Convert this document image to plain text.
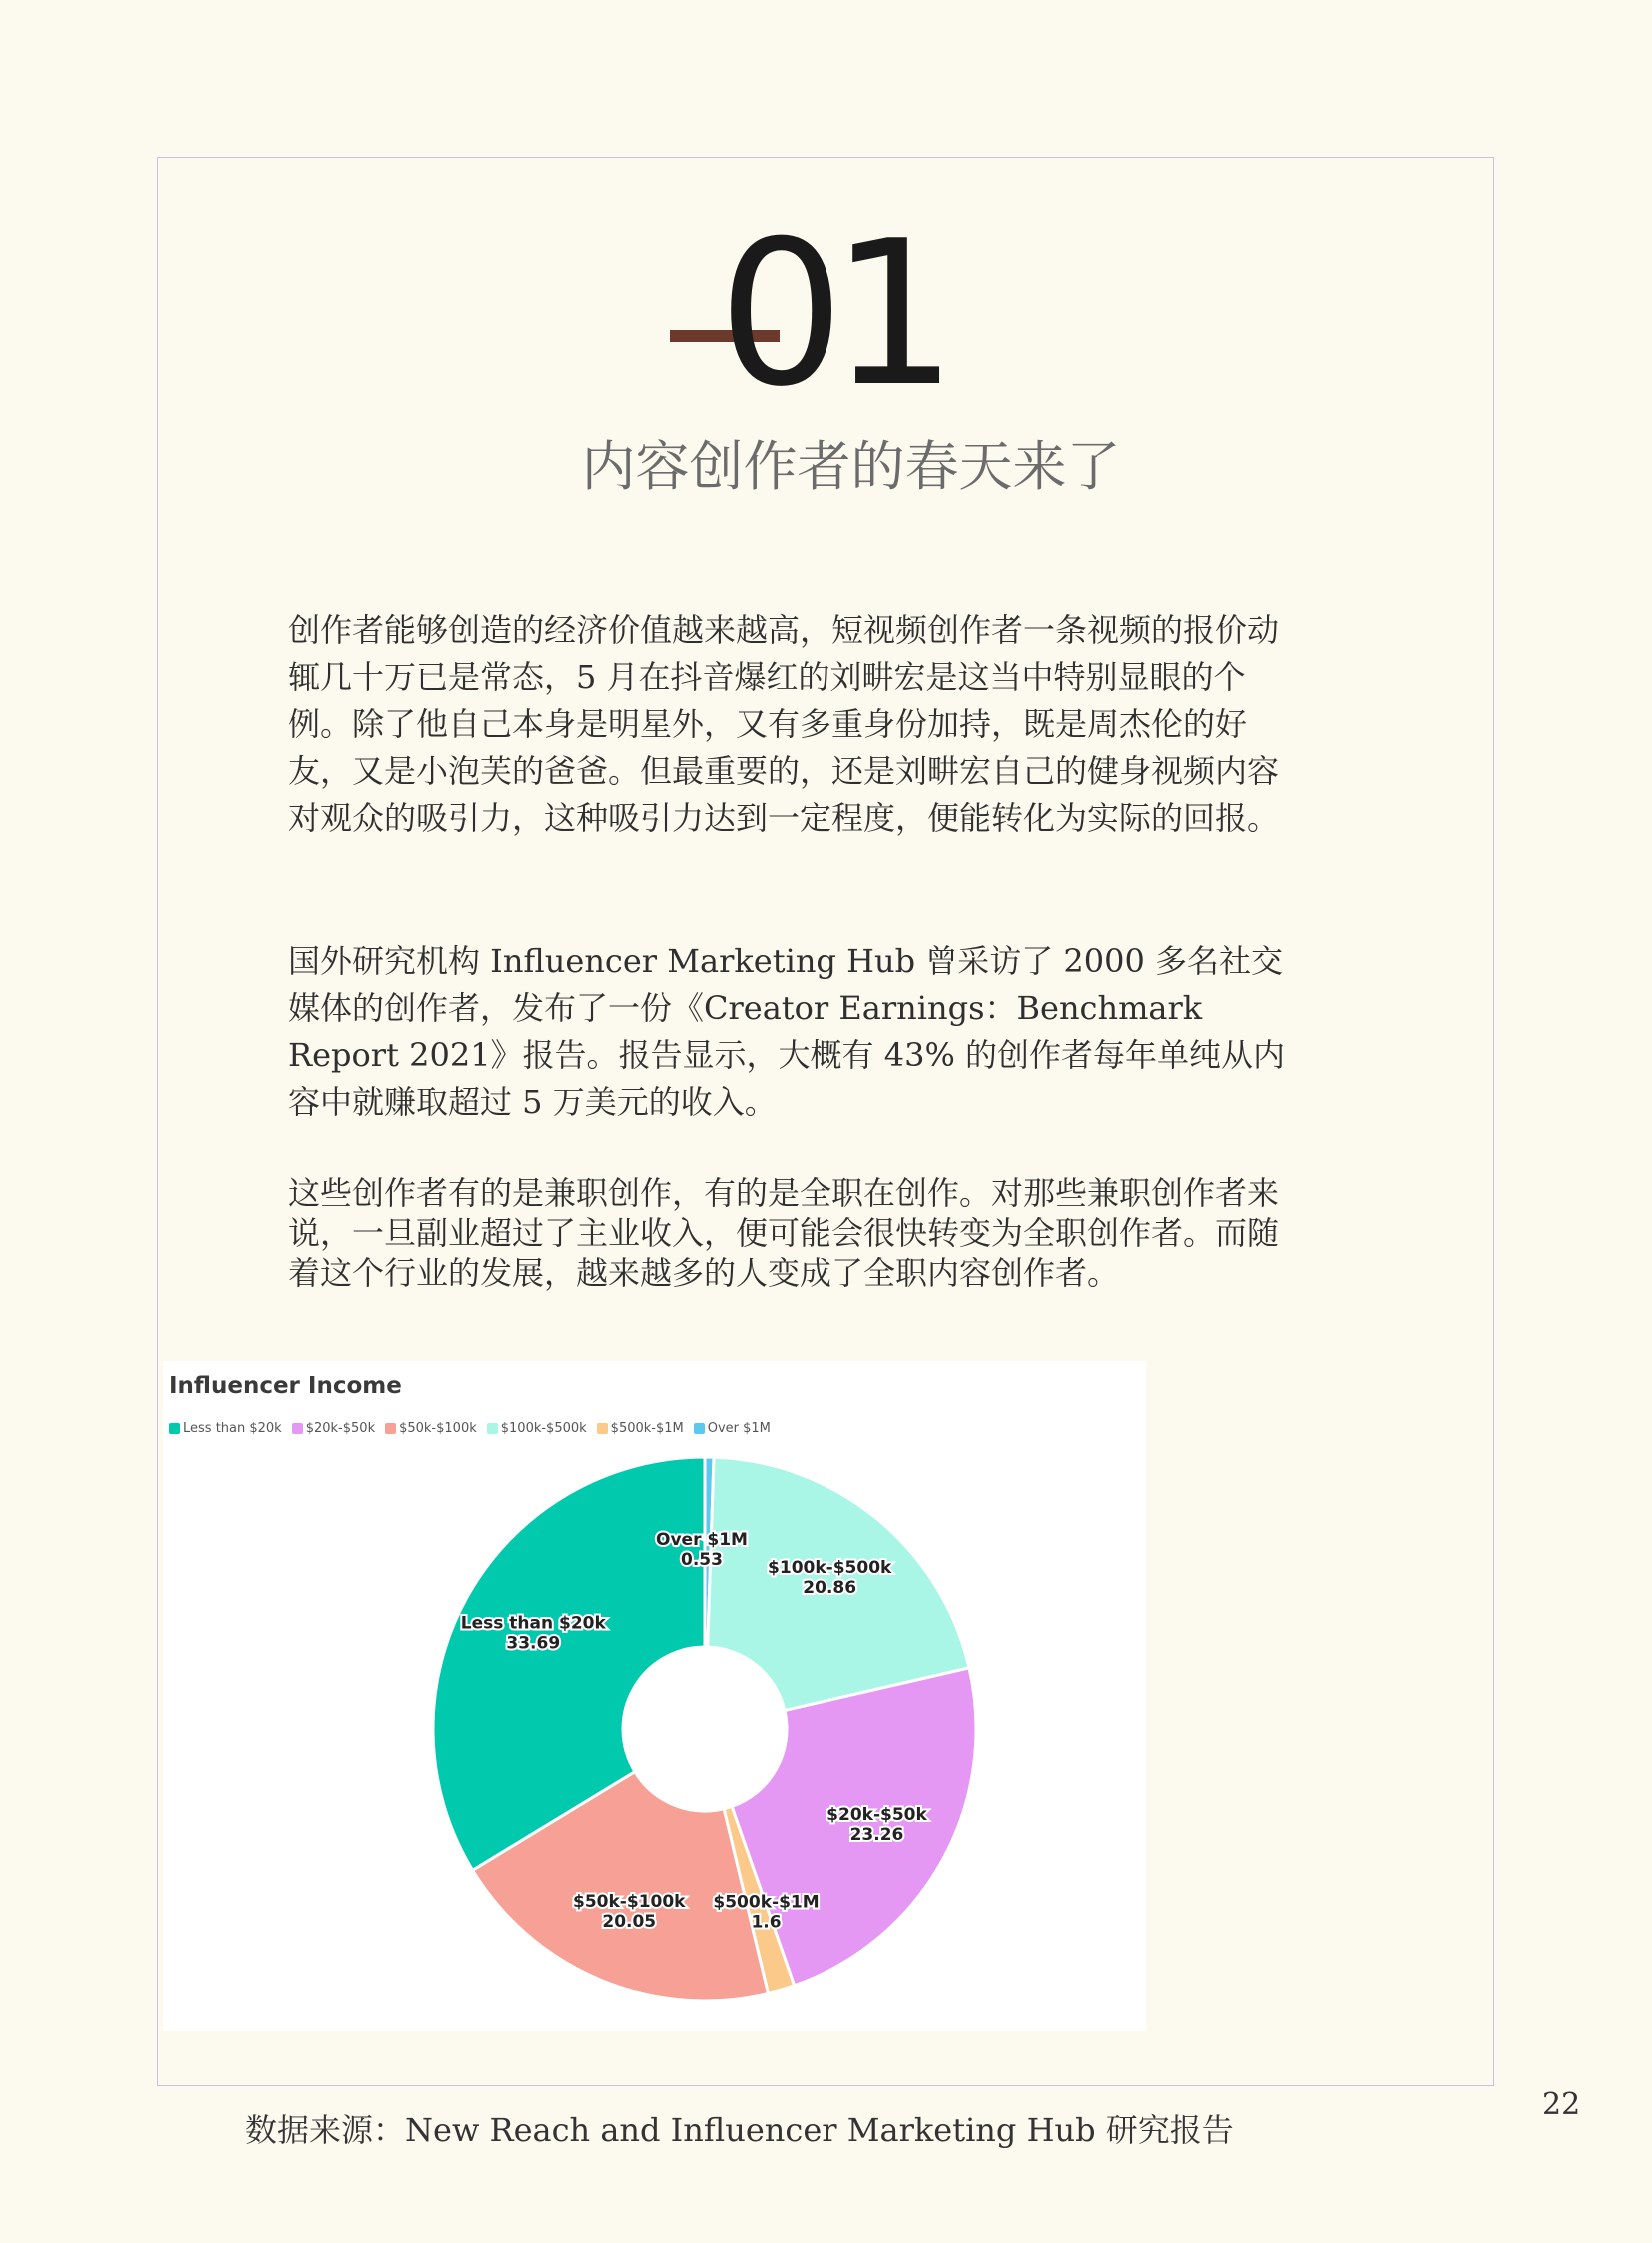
01
内容创作者的春天来了

创作者能够创造的经济价值越来越高，短视频创作者一条视频的报价动辄几十万已是常态，5 月在抖音爆红的刘畊宏是这当中特别显眼的个例。除了他自己本身是明星外，又有多重身份加持，既是周杰伦的好友，又是小泡芙的爸爸。但最重要的，还是刘畊宏自己的健身视频内容对观众的吸引力，这种吸引力达到一定程度，便能转化为实际的回报。

国外研究机构 Influencer Marketing Hub 曾采访了 2000 多名社交媒体的创作者，发布了一份《Creator Earnings：Benchmark Report 2021》报告。报告显示，大概有 43% 的创作者每年单纯从内容中就赚取超过 5 万美元的收入。

这些创作者有的是兼职创作，有的是全职在创作。对那些兼职创作者来说，一旦副业超过了主业收入，便可能会很快转变为全职创作者。而随着这个行业的发展，越来越多的人变成了全职内容创作者。

Influencer Income
Less than $20k $20k-$50k $50k-$100k $100k-$500k $500k-$1M Over $1M
Over $1M
0.53	$100k-$500k
20.86
$20k-$50k
23.26
$500k-$1M
1.6
$50k-$100k
20.05
Less than $20k
33.69
数据来源：New Reach and Influencer Marketing Hub 研究报告
22
